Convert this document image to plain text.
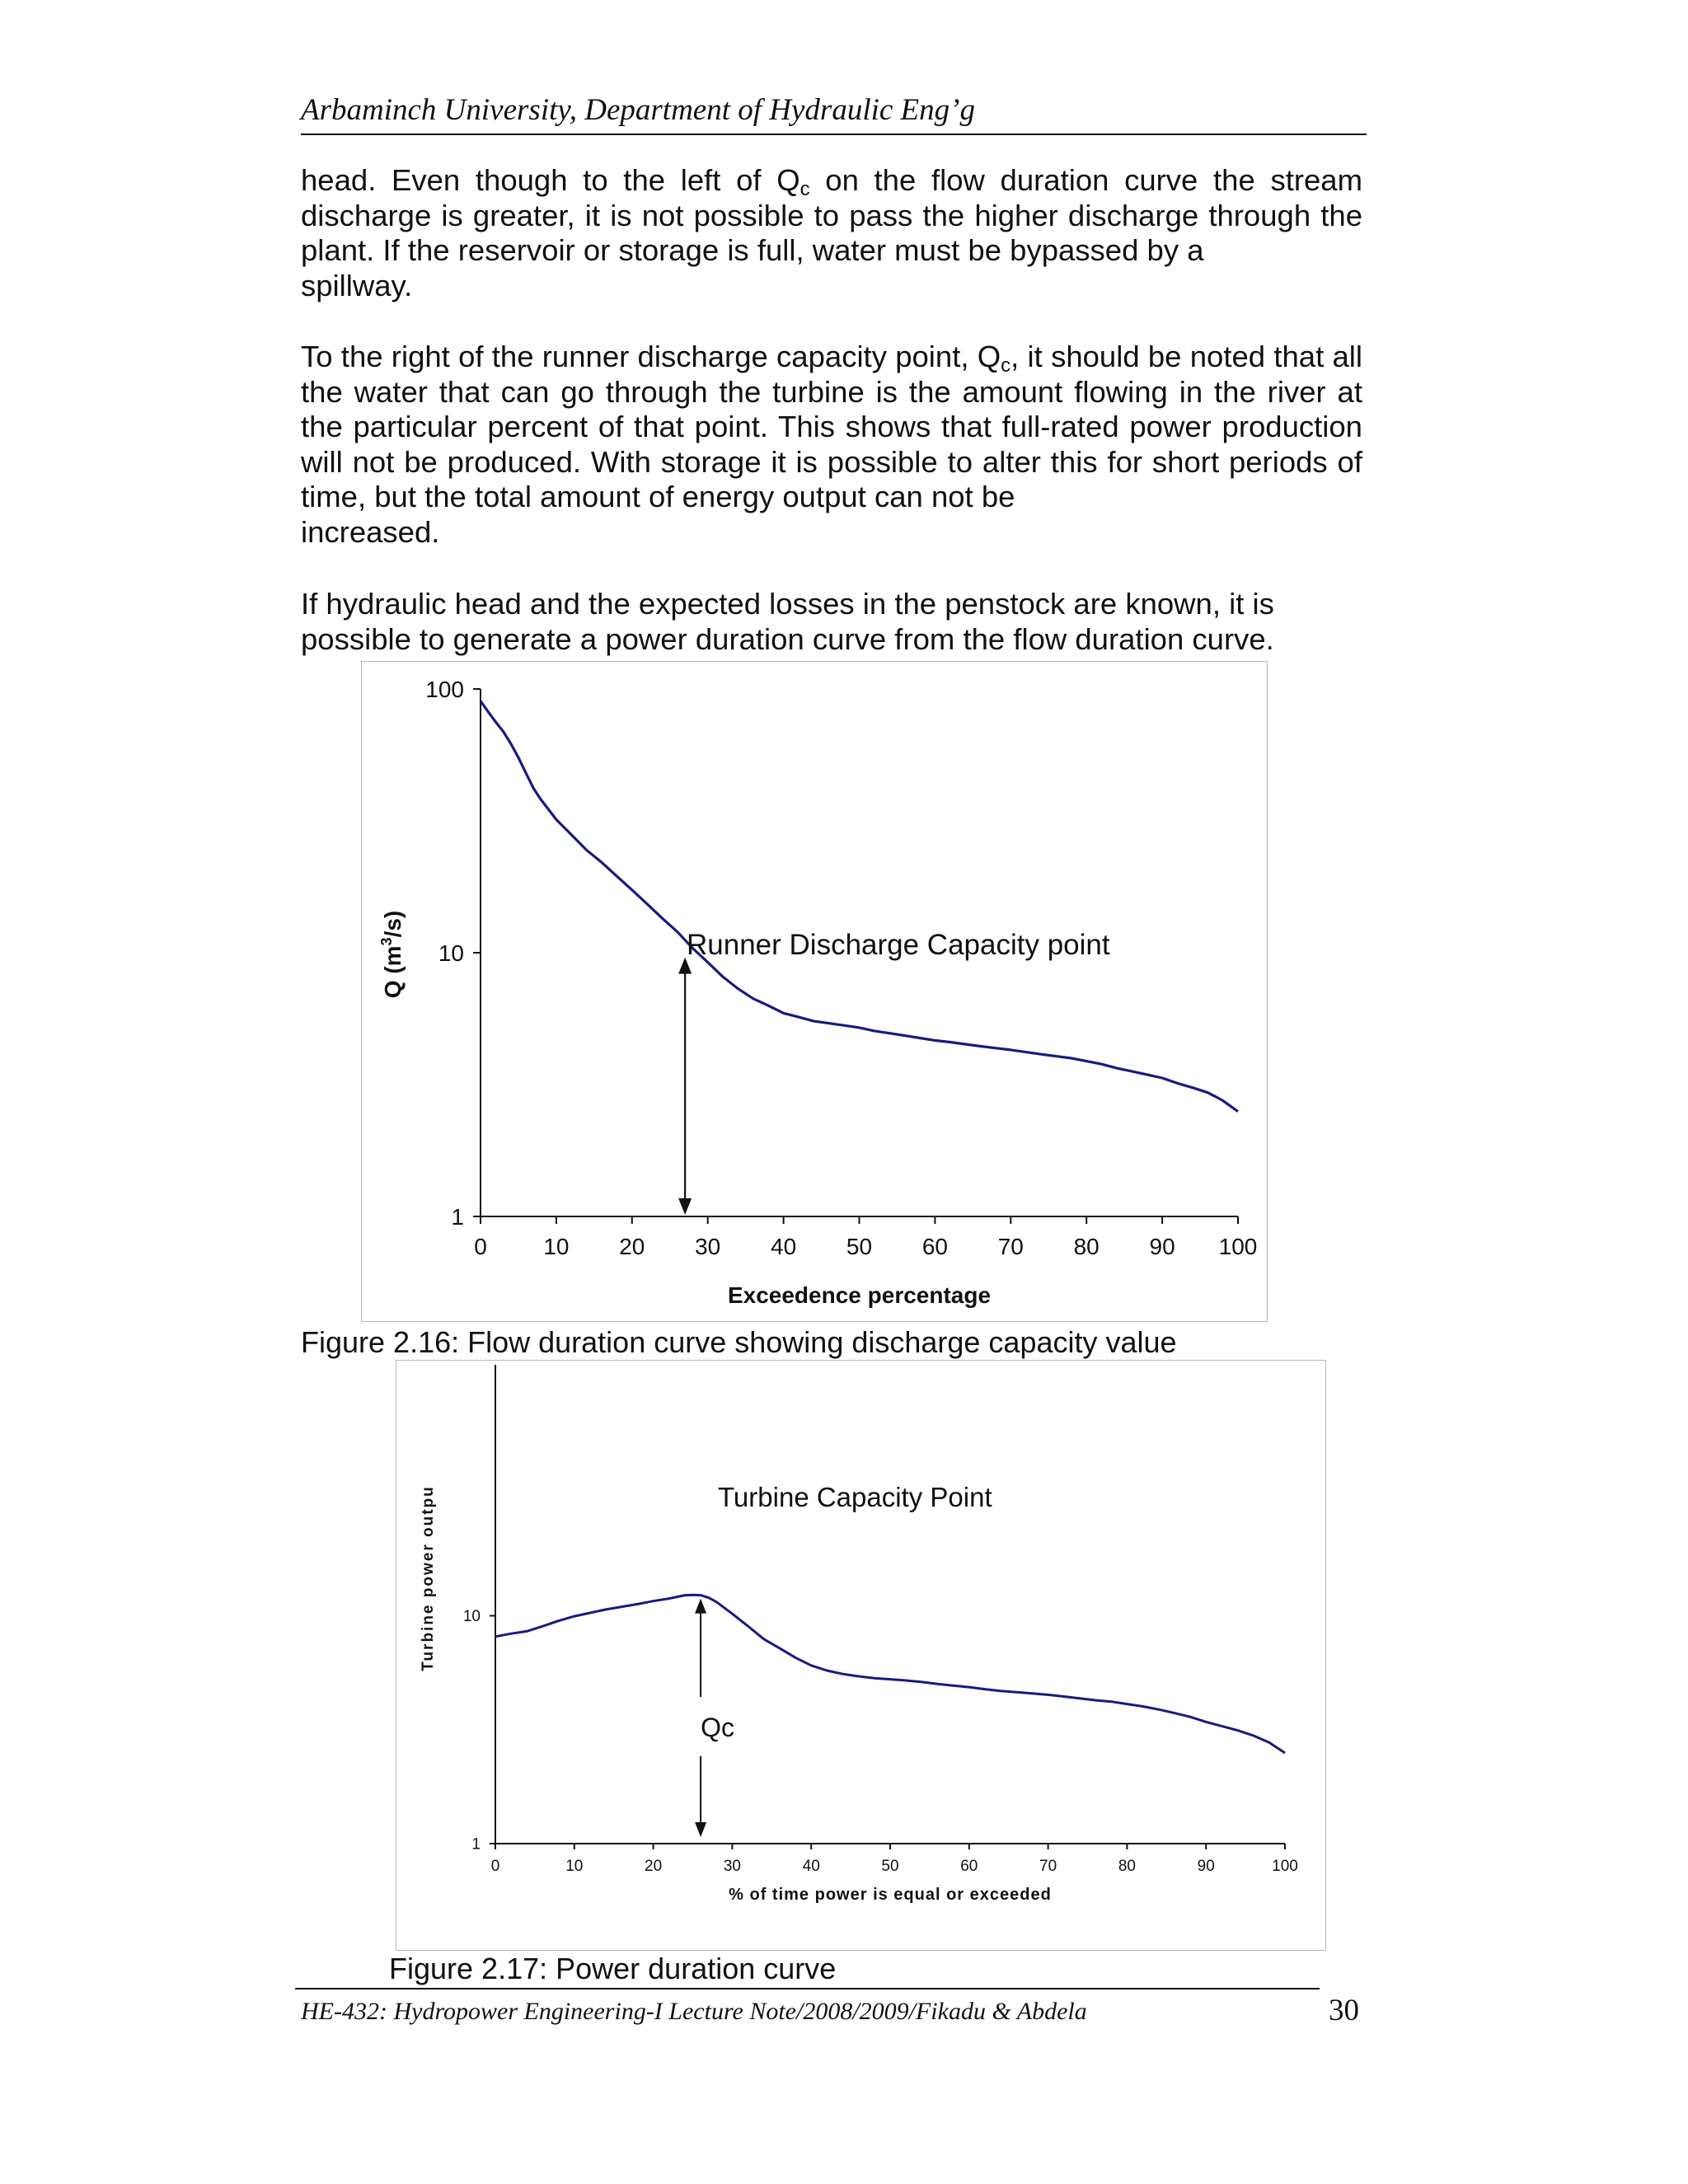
Arbaminch University, Department of Hydraulic Eng’g

head. Even though to the left of $Q_c$ on the flow duration curve the stream discharge is greater, it is not possible to pass the higher discharge through the plant. If the reservoir or storage is full, water must be bypassed by a
spillway.

To the right of the runner discharge capacity point, $Q_c$, it should be noted that all the water that can go through the turbine is the amount flowing in the river at the particular percent of that point. This shows that full-rated power production will not be produced. With storage it is possible to alter this for short periods of time, but the total amount of energy output can not be
increased.

If hydraulic head and the expected losses in the penstock are known, it is
possible to generate a power duration curve from the flow duration curve.

0 10 20 30 40 50 60 70 80 90 100
1
10
100
Exceedence percentage
Q $(m^3/s)$
Runner Discharge Capacity point
Figure 2.16: Flow duration curve showing discharge capacity value
0	10	20	30	40	50	60	70	80	90	100
1
10
% of time power is equal or exceeded
Turbine power outpu	Turbine Capacity Point
Qc
Figure 2.17: Power duration curve
HE-432: Hydropower Engineering-I Lecture Note/2008/2009/Fikadu & Abdela	30
